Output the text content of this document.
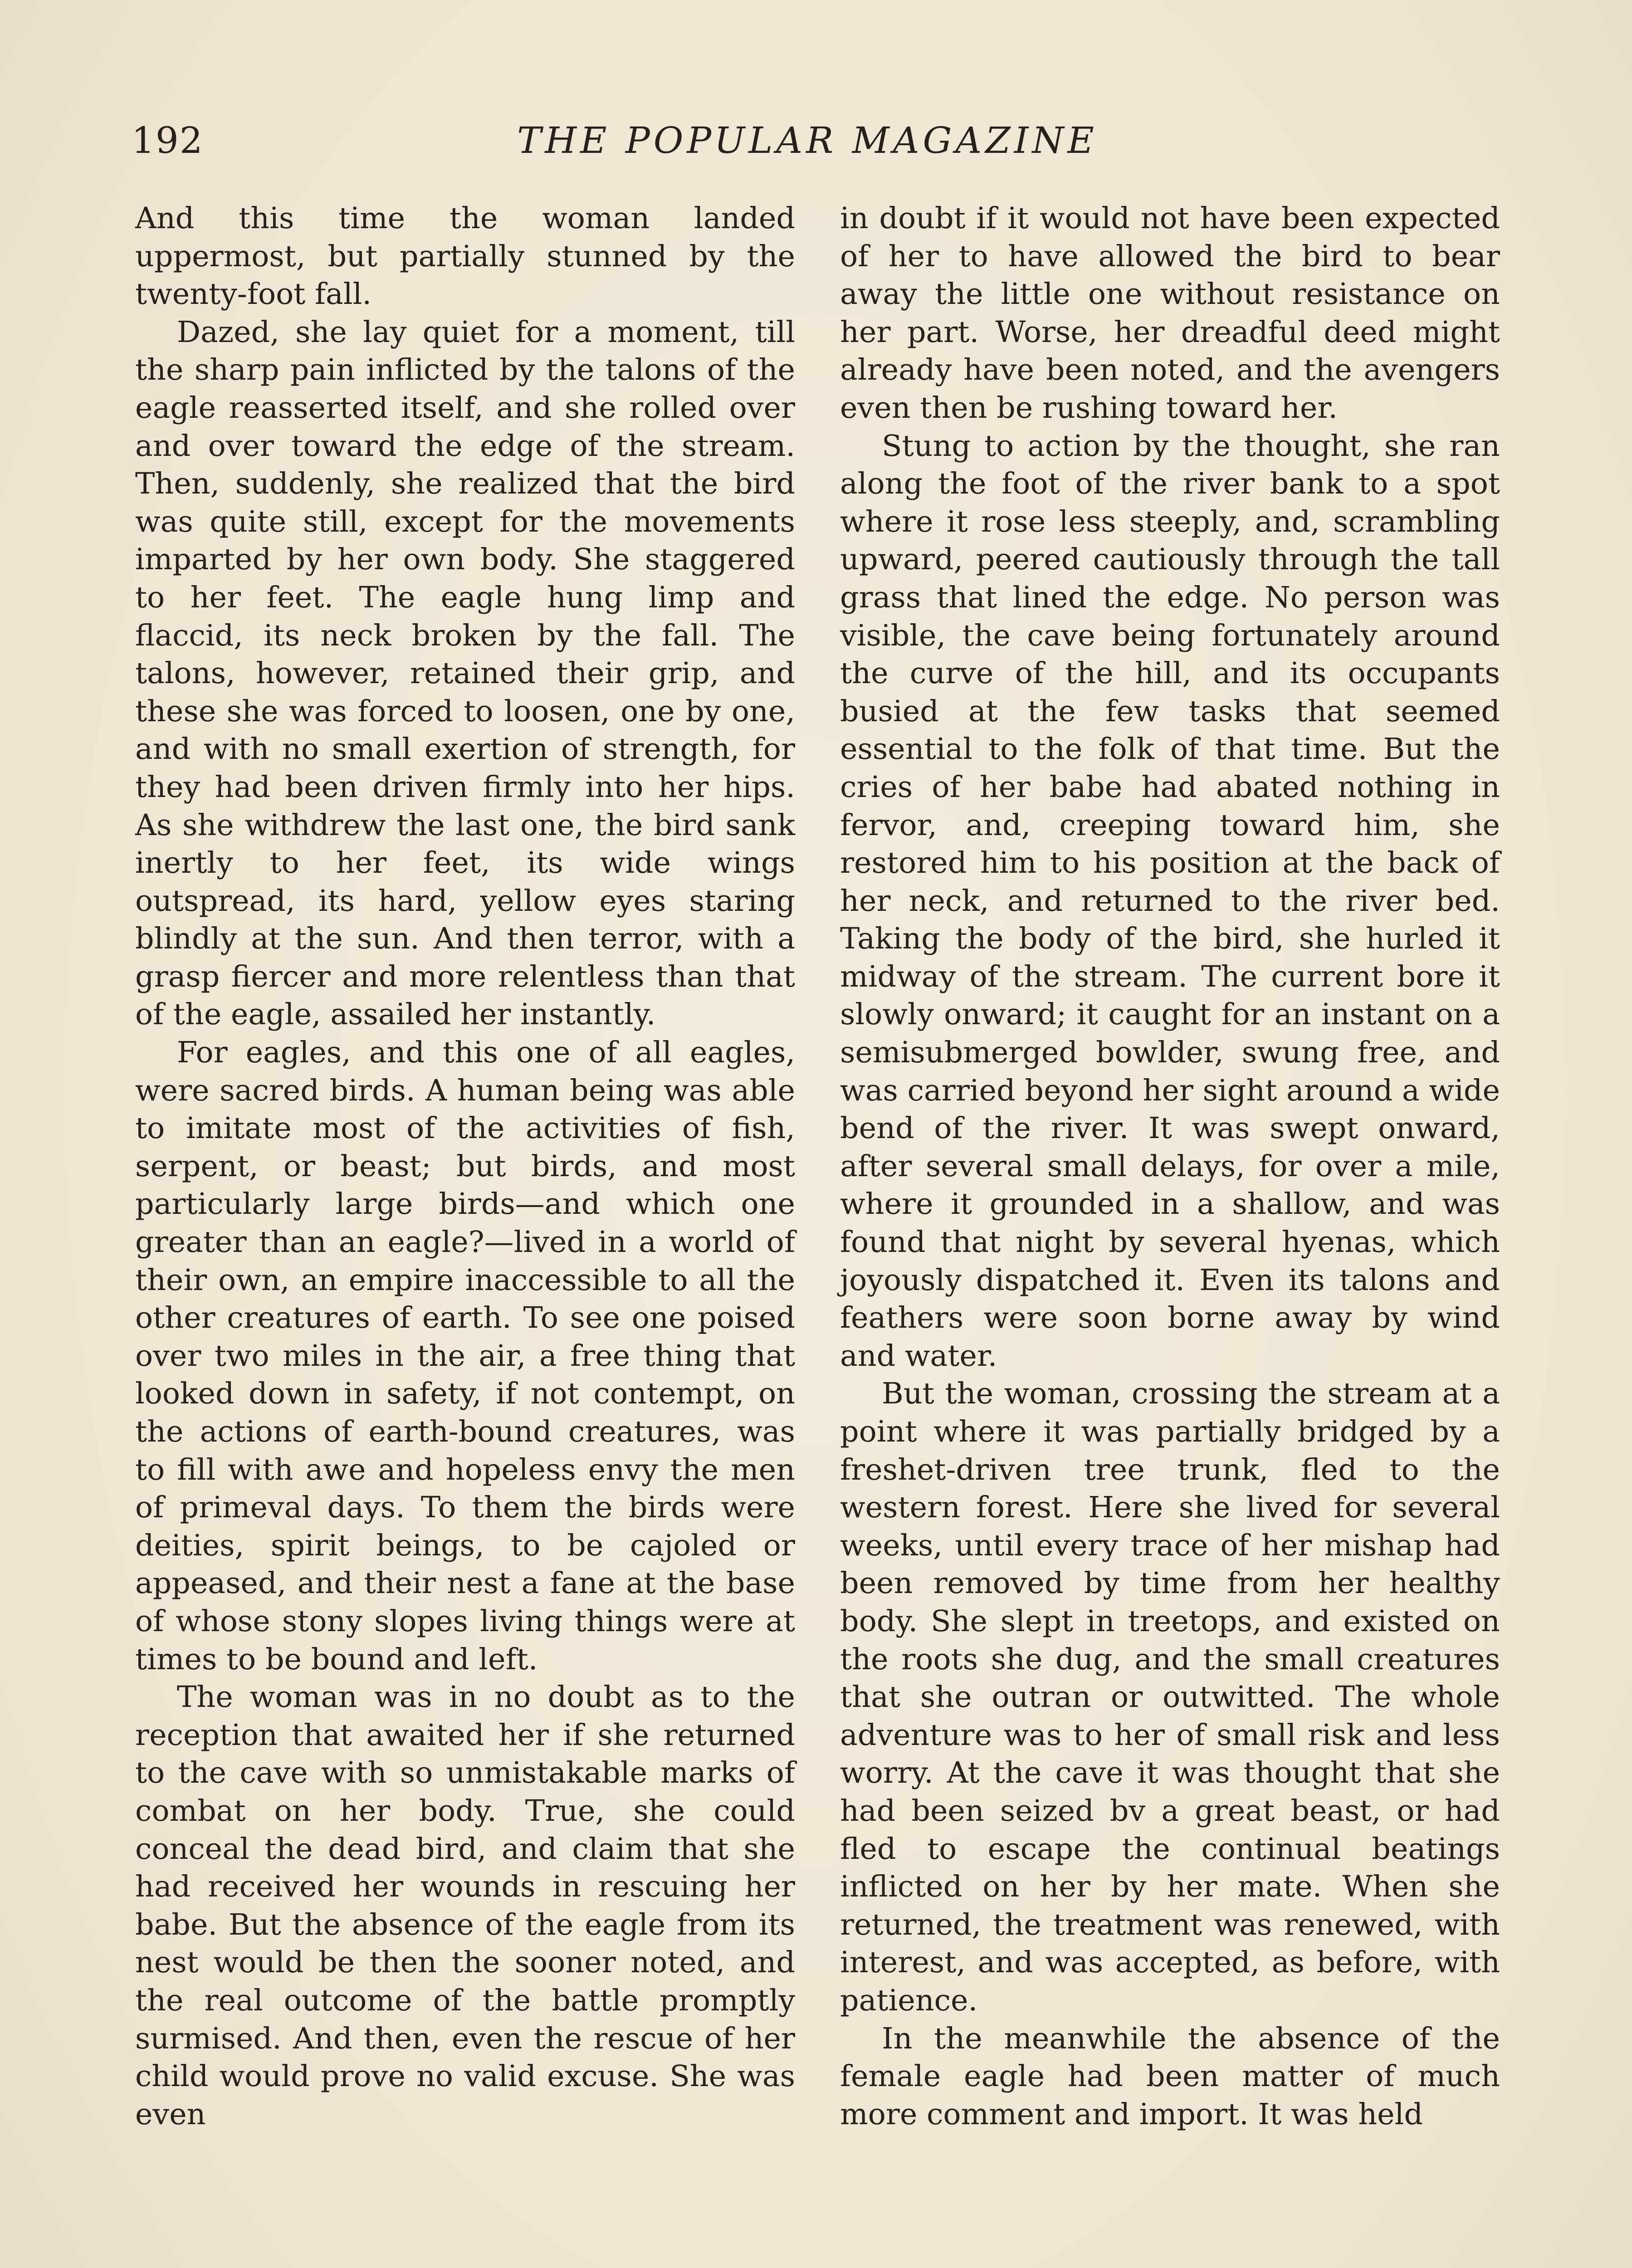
192	THE POPULAR MAGAZINE

And this time the woman landed uppermost, but partially stunned by the twenty-foot fall.

Dazed, she lay quiet for a moment, till the sharp pain inflicted by the talons of the eagle reasserted itself, and she rolled over and over toward the edge of the stream. Then, suddenly, she realized that the bird was quite still, except for the movements imparted by her own body. She staggered to her feet. The eagle hung limp and flaccid, its neck broken by the fall. The talons, however, retained their grip, and these she was forced to loosen, one by one, and with no small exertion of strength, for they had been driven firmly into her hips. As she withdrew the last one, the bird sank inertly to her feet, its wide wings outspread, its hard, yellow eyes staring blindly at the sun. And then terror, with a grasp fiercer and more relentless than that of the eagle, assailed her instantly.

For eagles, and this one of all eagles, were sacred birds. A human being was able to imitate most of the activities of fish, serpent, or beast; but birds, and most particularly large birds—and which one greater than an eagle?—lived in a world of their own, an empire inaccessible to all the other creatures of earth. To see one poised over two miles in the air, a free thing that looked down in safety, if not contempt, on the actions of earth-bound creatures, was to fill with awe and hopeless envy the men of primeval days. To them the birds were deities, spirit beings, to be cajoled or appeased, and their nest a fane at the base of whose stony slopes living things were at times to be bound and left.

The woman was in no doubt as to the reception that awaited her if she returned to the cave with so unmistakable marks of combat on her body. True, she could conceal the dead bird, and claim that she had received her wounds in rescuing her babe. But the absence of the eagle from its nest would be then the sooner noted, and the real outcome of the battle promptly surmised. And then, even the rescue of her child would prove no valid excuse. She was even

in doubt if it would not have been expected of her to have allowed the bird to bear away the little one without resistance on her part. Worse, her dreadful deed might already have been noted, and the avengers even then be rushing toward her.

Stung to action by the thought, she ran along the foot of the river bank to a spot where it rose less steeply, and, scrambling upward, peered cautiously through the tall grass that lined the edge. No person was visible, the cave being fortunately around the curve of the hill, and its occupants busied at the few tasks that seemed essential to the folk of that time. But the cries of her babe had abated nothing in fervor, and, creeping toward him, she restored him to his position at the back of her neck, and returned to the river bed. Taking the body of the bird, she hurled it midway of the stream. The current bore it slowly onward; it caught for an instant on a semisubmerged bowlder, swung free, and was carried beyond her sight around a wide bend of the river. It was swept onward, after several small delays, for over a mile, where it grounded in a shallow, and was found that night by several hyenas, which joyously dispatched it. Even its talons and feathers were soon borne away by wind and water.

But the woman, crossing the stream at a point where it was partially bridged by a freshet-driven tree trunk, fled to the western forest. Here she lived for several weeks, until every trace of her mishap had been removed by time from her healthy body. She slept in treetops, and existed on the roots she dug, and the small creatures that she outran or outwitted. The whole adventure was to her of small risk and less worry. At the cave it was thought that she had been seized bv a great beast, or had fled to escape the continual beatings inflicted on her by her mate. When she returned, the treatment was renewed, with interest, and was accepted, as before, with patience.

In the meanwhile the absence of the female eagle had been matter of much more comment and import. It was held
